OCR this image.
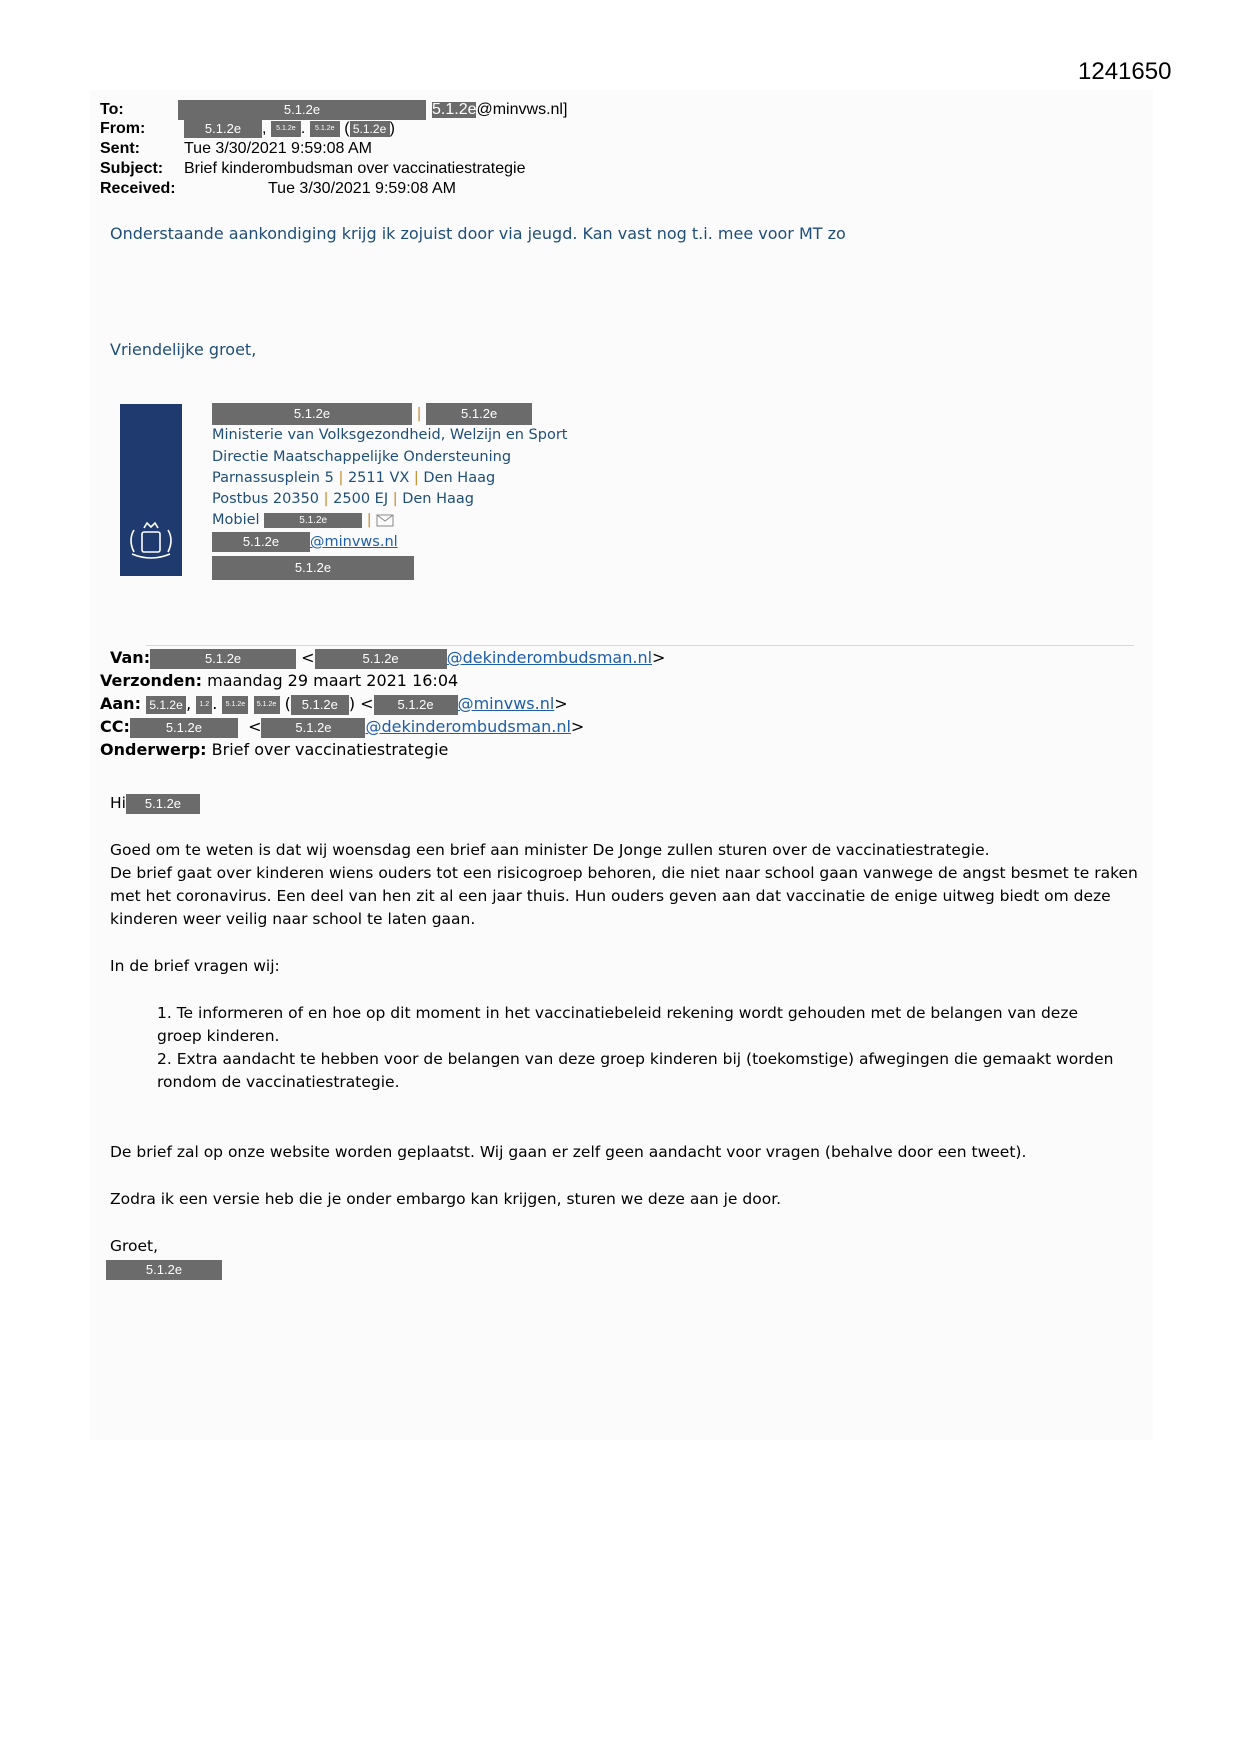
1241650
To:	5.1.2e	5.1.2e@minvws.nl]
From:	5.1.2e , 5.1.2e . 5.1.2e ( 5.1.2e )
Sent:	Tue 3/30/2021 9:59:08 AM
Subject: Brief kinderombudsman over vaccinatiestrategie
Received:	Tue 3/30/2021 9:59:08 AM
Onderstaande aankondiging krijg ik zojuist door via jeugd. Kan vast nog t.i. mee voor MT zo
Vriendelijke groet,
5.1.2e	|	5.1.2e
Ministerie van Volksgezondheid, Welzijn en Sport
Directie Maatschappelijke Ondersteuning
Parnassusplein 5 | 2511 VX | Den Haag
Postbus 20350 | 2500 EJ | Den Haag
Mobiel	5.1.2e	|
5.1.2e @minvws.nl
5.1.2e
Van:	5.1.2e	<	5.1.2e	@dekinderombudsman.nl>
Verzonden: maandag 29 maart 2021 16:04
Aan: 5.1.2e , 1.2 . 5.1.2e 5.1.2e ( 5.1.2e ) < 5.1.2e @minvws.nl>
CC:	5.1.2e  <	5.1.2e @dekinderombudsman.nl>
Onderwerp: Brief over vaccinatiestrategie
Hi 5.1.2e
Goed om te weten is dat wij woensdag een brief aan minister De Jonge zullen sturen over de vaccinatiestrategie.
De brief gaat over kinderen wiens ouders tot een risicogroep behoren, die niet naar school gaan vanwege de angst besmet te raken met het coronavirus. Een deel van hen zit al een jaar thuis. Hun ouders geven aan dat vaccinatie de enige uitweg biedt om deze kinderen weer veilig naar school te laten gaan.
In de brief vragen wij:
1. Te informeren of en hoe op dit moment in het vaccinatiebeleid rekening wordt gehouden met de belangen van deze groep kinderen.
2. Extra aandacht te hebben voor de belangen van deze groep kinderen bij (toekomstige) afwegingen die gemaakt worden rondom de vaccinatiestrategie.
De brief zal op onze website worden geplaatst. Wij gaan er zelf geen aandacht voor vragen (behalve door een tweet).
Zodra ik een versie heb die je onder embargo kan krijgen, sturen we deze aan je door.
Groet,
5.1.2e
